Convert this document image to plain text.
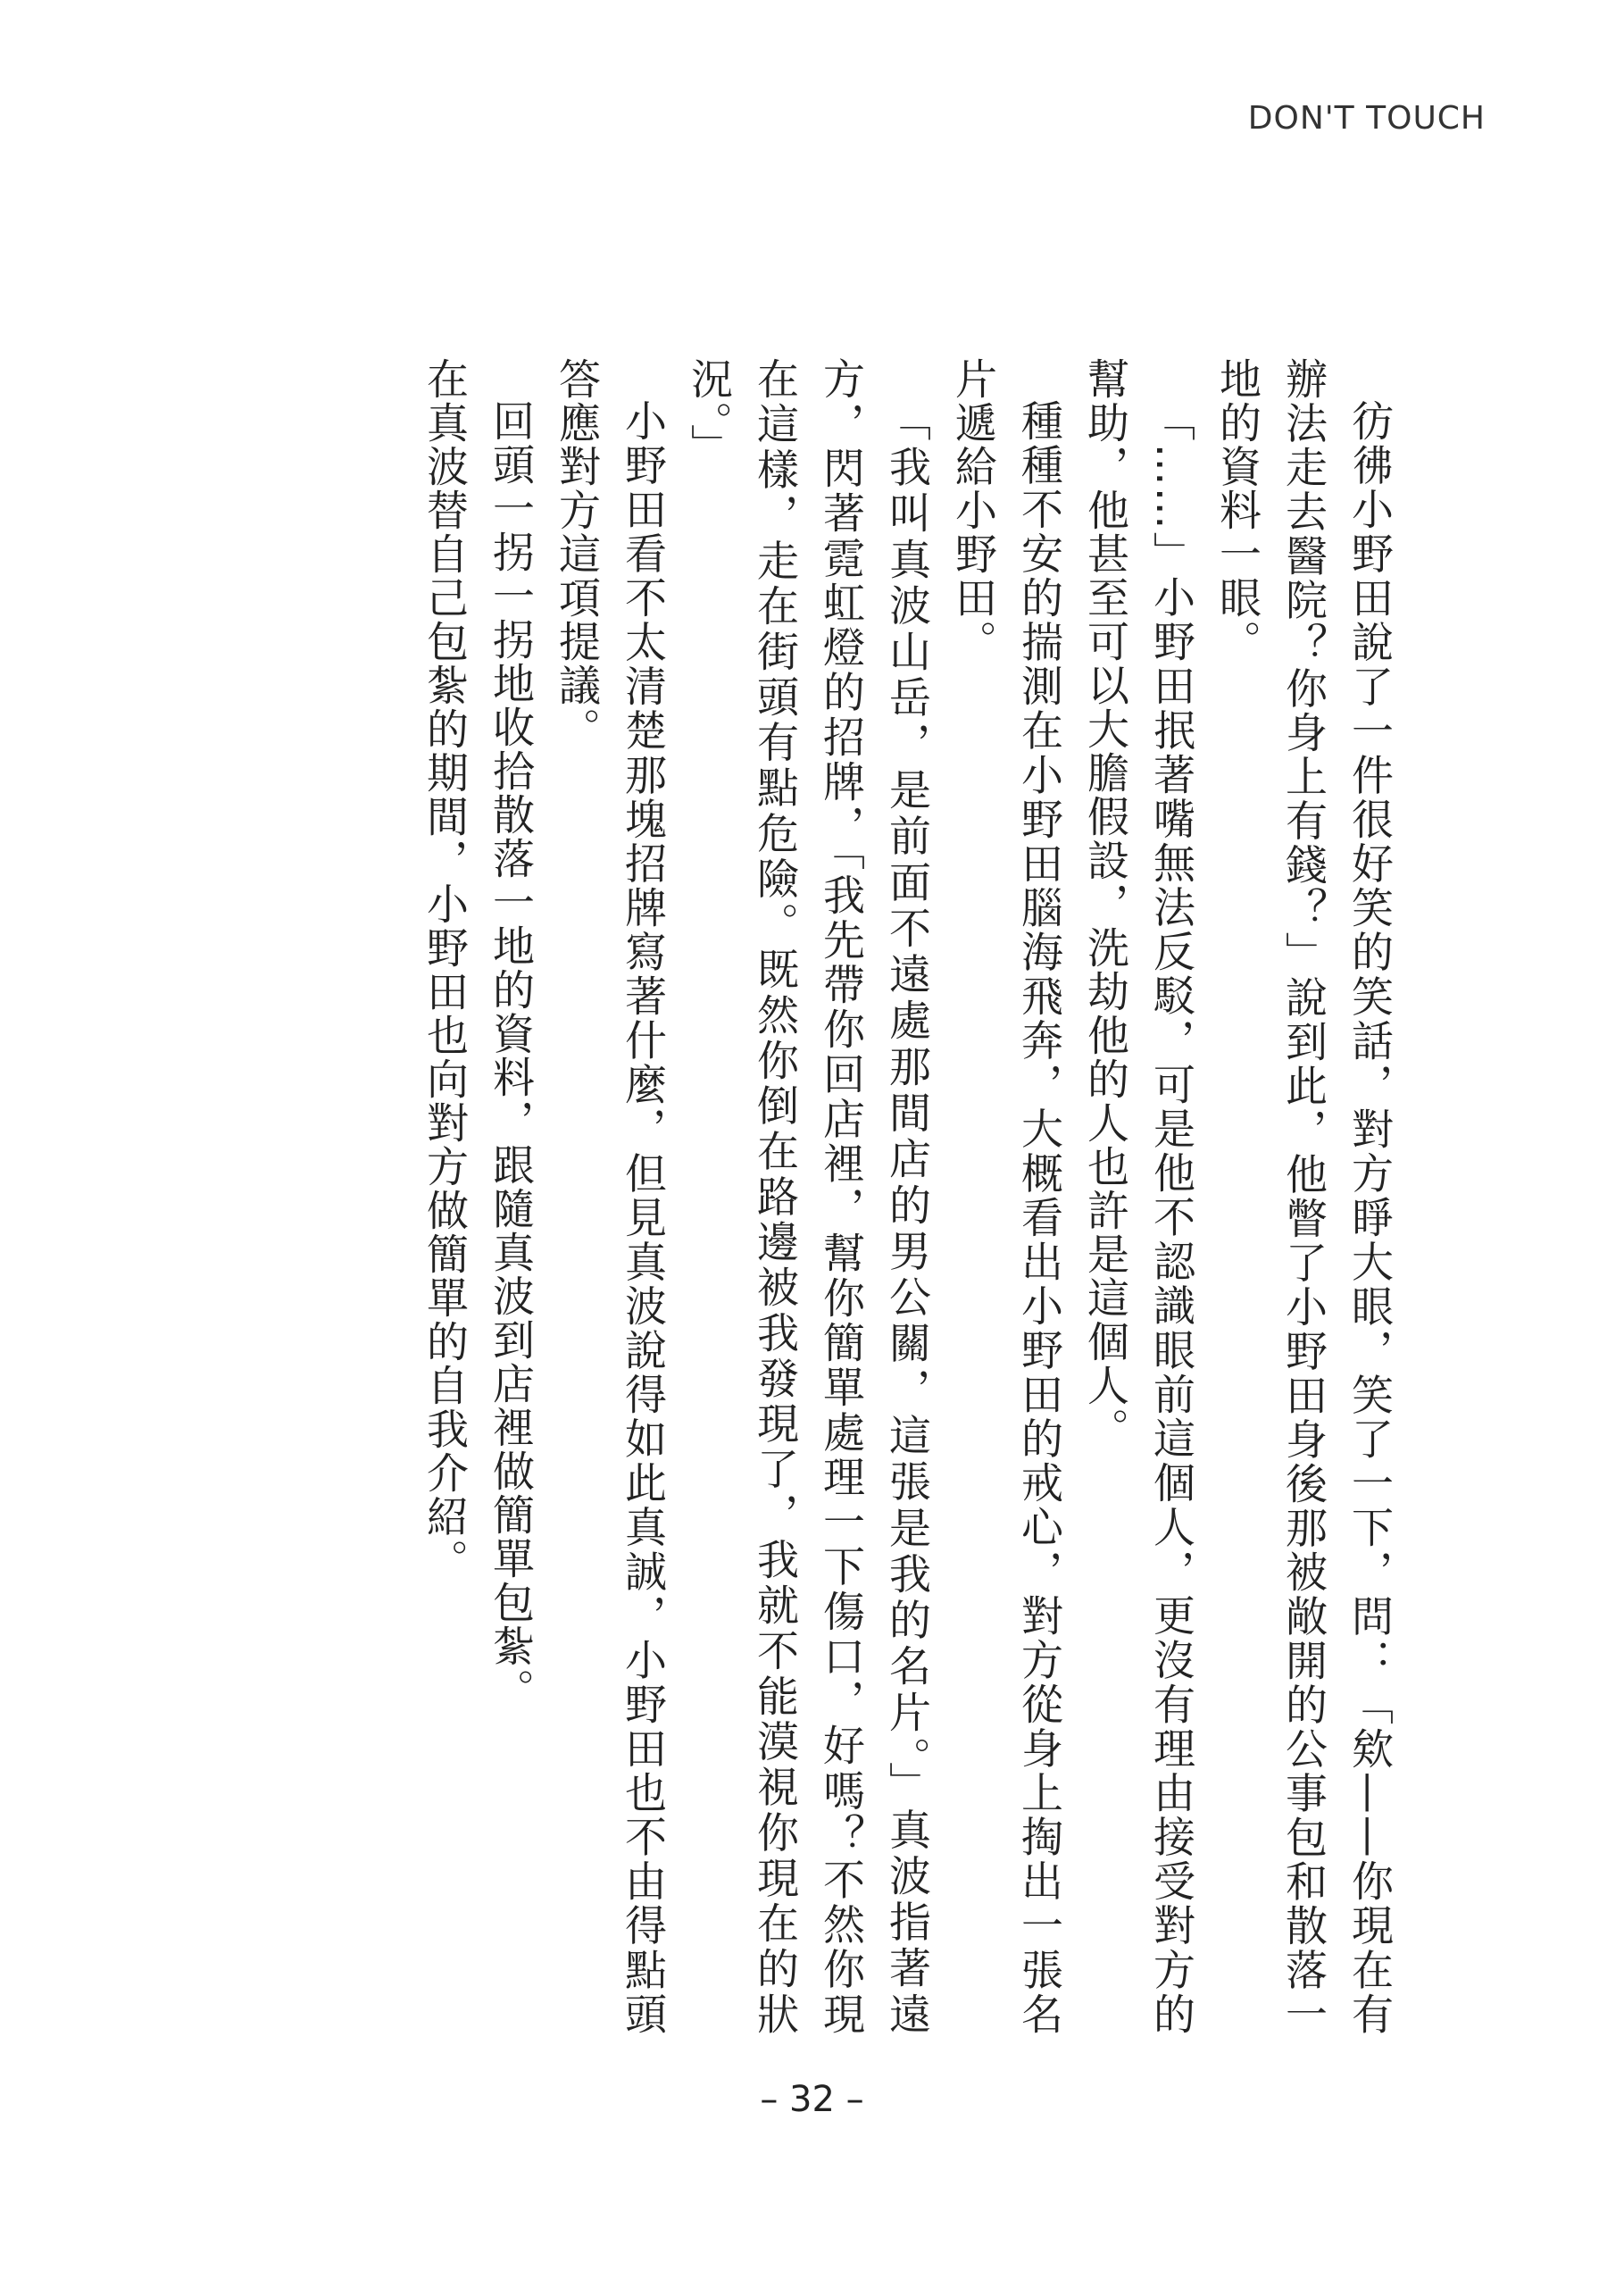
DON'T TOUCH

彷彿小野田說了一件很好笑的笑話，對方睜大眼，笑了一下，問：「欸——你現在有辦法走去醫院？你身上有錢？」說到此，他瞥了小野田身後那被敞開的公事包和散落一地的資料一眼。

「……」小野田抿著嘴無法反駁，可是他不認識眼前這個人，更沒有理由接受對方的幫助，他甚至可以大膽假設，洗劫他的人也許是這個人。

種種不安的揣測在小野田腦海飛奔，大概看出小野田的戒心，對方從身上掏出一張名片遞給小野田。

「我叫真波山岳，是前面不遠處那間店的男公關，這張是我的名片。」真波指著遠方，閃著霓虹燈的招牌，「我先帶你回店裡，幫你簡單處理一下傷口，好嗎？不然你現在這樣，走在街頭有點危險。既然你倒在路邊被我發現了，我就不能漠視你現在的狀況。」

小野田看不太清楚那塊招牌寫著什麼，但見真波說得如此真誠，小野田也不由得點頭答應對方這項提議。

回頭一拐一拐地收拾散落一地的資料，跟隨真波到店裡做簡單包紮。

在真波替自己包紮的期間，小野田也向對方做簡單的自我介紹。

– 32 –
